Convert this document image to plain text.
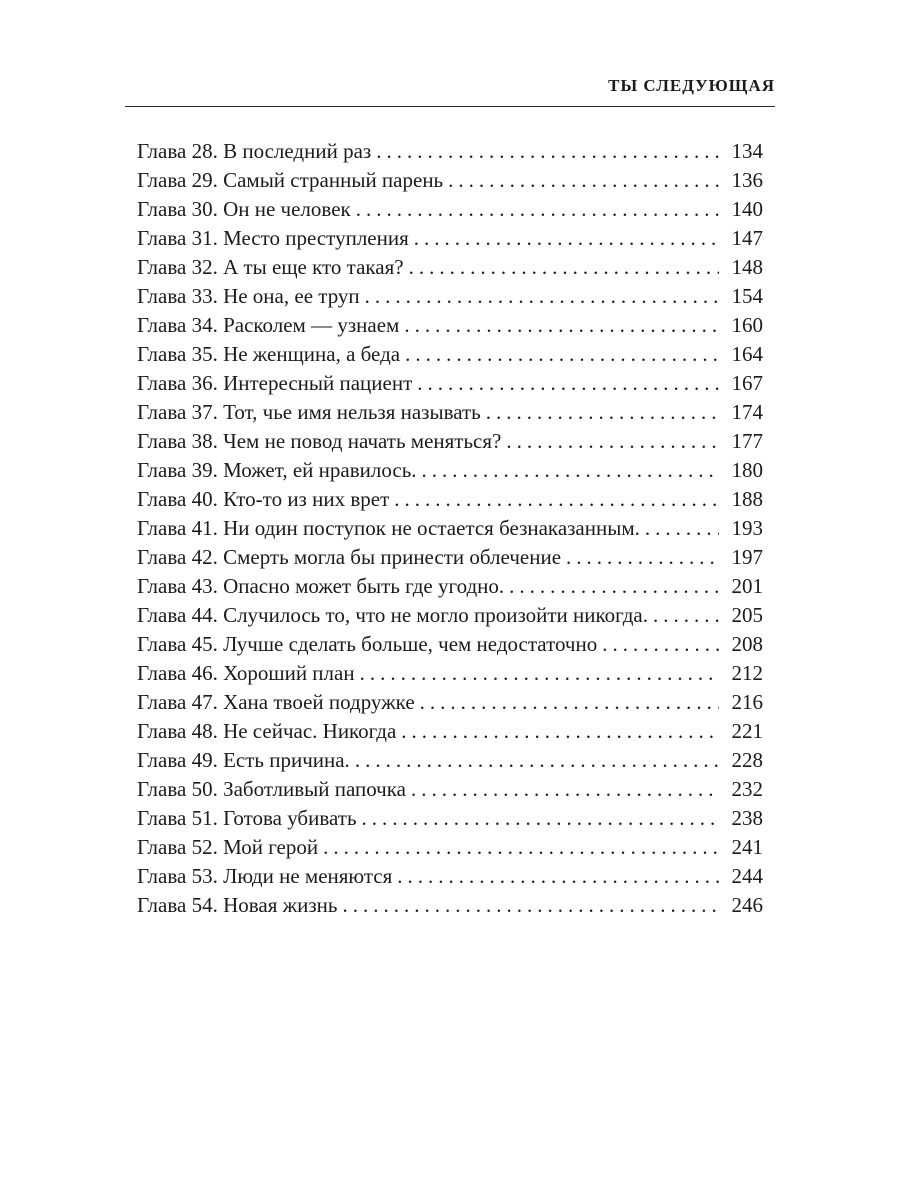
ТЫ СЛЕДУЮЩАЯ
Глава 28. В последний раз .....	134
Глава 29. Самый странный парень .....	136
Глава 30. Он не человек .....	140
Глава 31. Место преступления .....	147
Глава 32. А ты еще кто такая? .....	148
Глава 33. Не она, ее труп .....	154
Глава 34. Расколем — узнаем .....	160
Глава 35. Не женщина, а беда .....	164
Глава 36. Интересный пациент .....	167
Глава 37. Тот, чье имя нельзя называть .....	174
Глава 38. Чем не повод начать меняться? .....	177
Глава 39. Может, ей нравилось. .....	180
Глава 40. Кто-то из них врет .....	188
Глава 41. Ни один поступок не остается безнаказанным. .....	193
Глава 42. Смерть могла бы принести облечение .....	197
Глава 43. Опасно может быть где угодно. .....	201
Глава 44. Случилось то, что не могло произойти никогда. .....	205
Глава 45. Лучше сделать больше, чем недостаточно .....	208
Глава 46. Хороший план .....	212
Глава 47. Хана твоей подружке .....	216
Глава 48. Не сейчас. Никогда .....	221
Глава 49. Есть причина. .....	228
Глава 50. Заботливый папочка .....	232
Глава 51. Готова убивать .....	238
Глава 52. Мой герой .....	241
Глава 53. Люди не меняются .....	244
Глава 54. Новая жизнь .....	246
